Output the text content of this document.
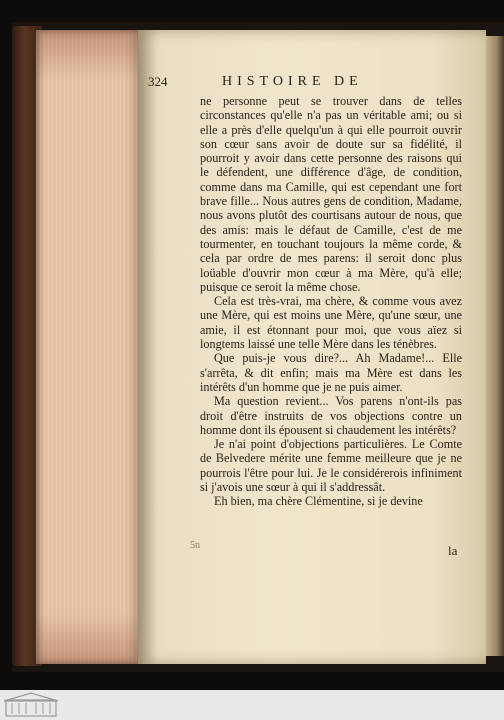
324	HISTOIRE DE

ne personne peut se trouver dans de telles circonstances qu'elle n'a pas un véritable ami; ou si elle a près d'elle quelqu'un à qui elle pourroit ouvrir son cœur sans avoir de doute sur sa fidélité, il pourroit y avoir dans cette personne des raisons qui le défendent, une différence d'âge, de condition, comme dans ma Camille, qui est cependant une fort brave fille... Nous autres gens de condition, Madame, nous avons plutôt des courtisans autour de nous, que des amis: mais le défaut de Camille, c'est de me tourmenter, en touchant toujours la même corde, & cela par ordre de mes parens: il seroit donc plus loüable d'ouvrir mon cœur à ma Mère, qu'à elle; puisque ce seroit la même chose.

Cela est très-vrai, ma chère, & comme vous avez une Mère, qui est moins une Mère, qu'une sœur, une amie, il est étonnant pour moi, que vous aïez si longtems laissé une telle Mère dans les ténèbres.

Que puis-je vous dire?... Ah Madame!... Elle s'arrêta, & dit enfin; mais ma Mère est dans les intérêts d'un homme que je ne puis aimer.

Ma question revient... Vos parens n'ont-ils pas droit d'être instruits de vos objections contre un homme dont ils épousent si chaudement les intérêts?

Je n'ai point d'objections particulières. Le Comte de Belvedere mérite une femme meilleure que je ne pourrois l'être pour lui. Je le considérerois infiniment si j'avois une sœur à qui il s'addressât.

Eh bien, ma chère Clémentine, si je devine

5n	la
